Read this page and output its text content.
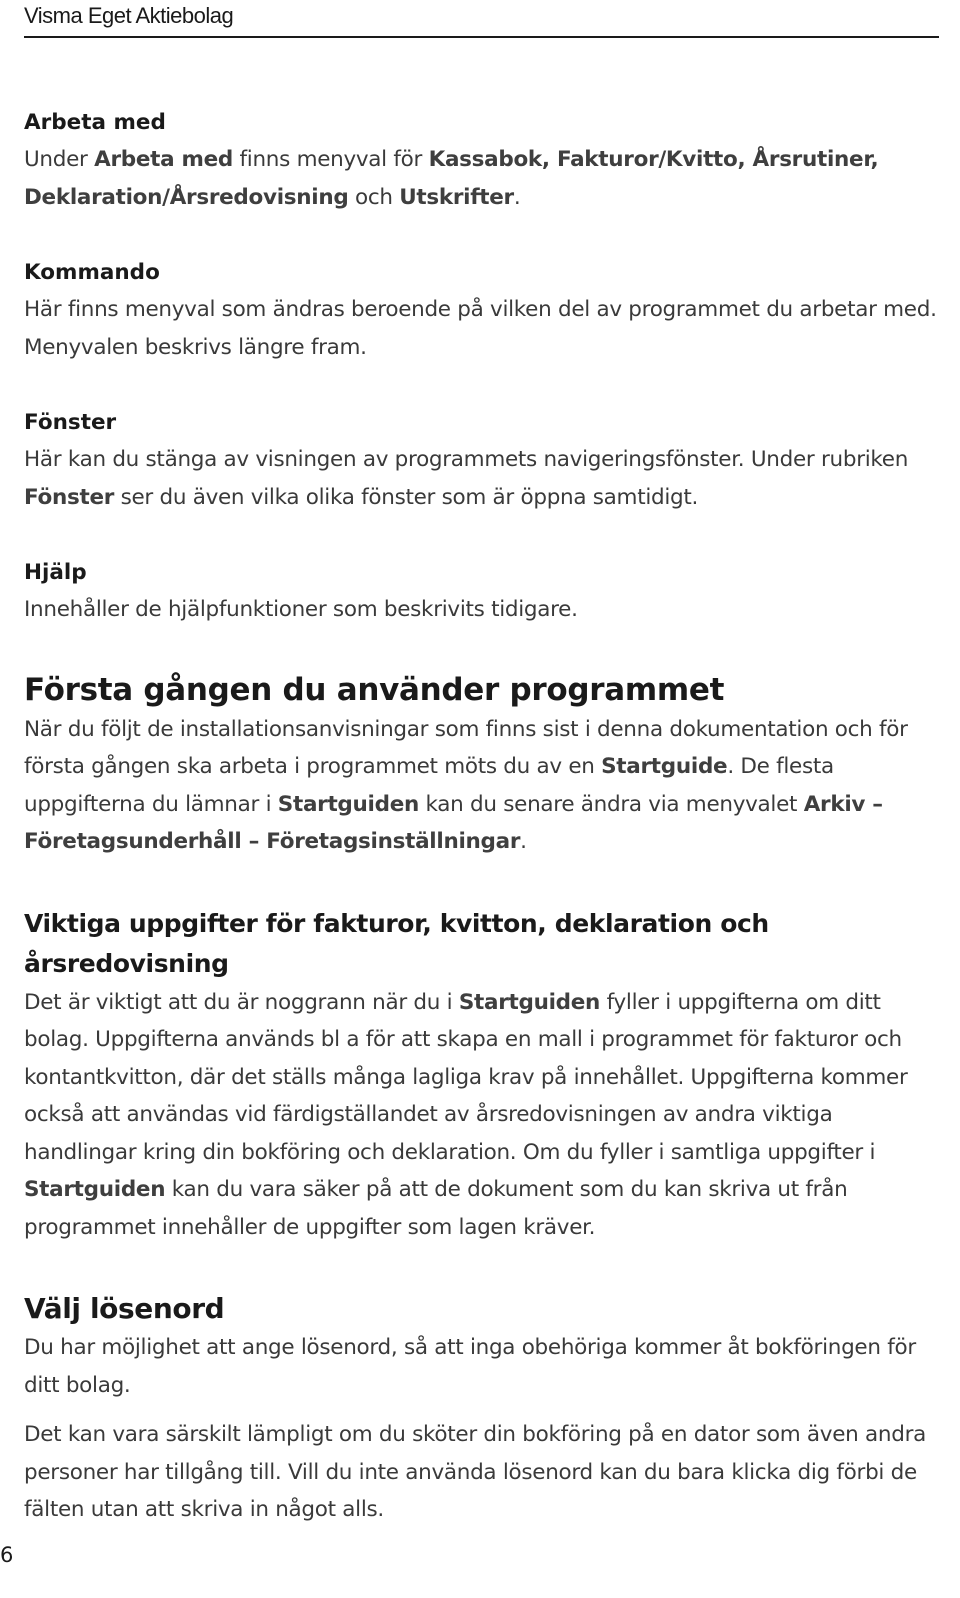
Visma Eget Aktiebolag
Arbeta med

Under Arbeta med finns menyval för Kassabok, Fakturor/Kvitto, Årsrutiner, Deklaration/Årsredovisning och Utskrifter.

Kommando

Här finns menyval som ändras beroende på vilken del av programmet du arbetar med. Menyvalen beskrivs längre fram.

Fönster

Här kan du stänga av visningen av programmets navigeringsfönster. Under rubriken Fönster ser du även vilka olika fönster som är öppna samtidigt.

Hjälp

Innehåller de hjälpfunktioner som beskrivits tidigare.

Första gången du använder programmet

När du följt de installationsanvisningar som finns sist i denna dokumentation och för första gången ska arbeta i programmet möts du av en Startguide. De flesta uppgifterna du lämnar i Startguiden kan du senare ändra via menyvalet Arkiv – Företagsunderhåll – Företagsinställningar.

Viktiga uppgifter för fakturor, kvitton, deklaration och årsredovisning

Det är viktigt att du är noggrann när du i Startguiden fyller i uppgifterna om ditt bolag. Uppgifterna används bl a för att skapa en mall i programmet för fakturor och kontantkvitton, där det ställs många lagliga krav på innehållet. Uppgifterna kommer också att användas vid färdigställandet av årsredovisningen av andra viktiga handlingar kring din bokföring och deklaration. Om du fyller i samtliga uppgifter i Startguiden kan du vara säker på att de dokument som du kan skriva ut från programmet innehåller de uppgifter som lagen kräver.

Välj lösenord

Du har möjlighet att ange lösenord, så att inga obehöriga kommer åt bokföringen för ditt bolag.

Det kan vara särskilt lämpligt om du sköter din bokföring på en dator som även andra personer har tillgång till. Vill du inte använda lösenord kan du bara klicka dig förbi de fälten utan att skriva in något alls.

6
